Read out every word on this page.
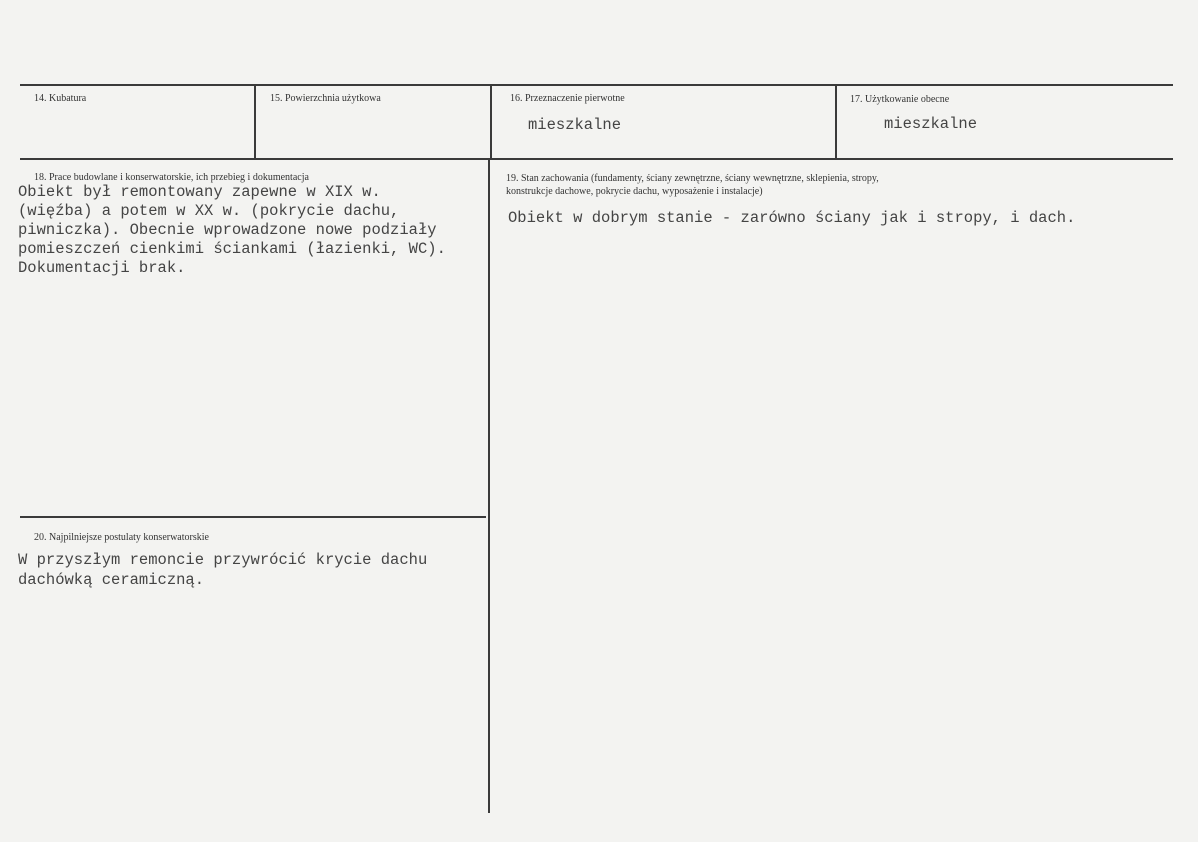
14. Kubatura	15. Powierzchnia użytkowa	16. Przeznaczenie pierwotne
mieszkalne
17. Użytkowanie obecne
mieszkalne
18. Prace budowlane i konserwatorskie, ich przebieg i dokumentacja
Obiekt był remontowany zapewne w XIX w.
(więźba) a potem w XX w. (pokrycie dachu,
piwniczka). Obecnie wprowadzone nowe podziały
pomieszczeń cienkimi ściankami (łazienki, WC).
Dokumentacji brak.
19. Stan zachowania (fundamenty, ściany zewnętrzne, ściany wewnętrzne, sklepienia, stropy,
konstrukcje dachowe, pokrycie dachu, wyposażenie i instalacje)
Obiekt w dobrym stanie - zarówno ściany jak i stropy, i dach.
20. Najpilniejsze postulaty konserwatorskie
W przyszłym remoncie przywrócić krycie dachu
dachówką ceramiczną.
